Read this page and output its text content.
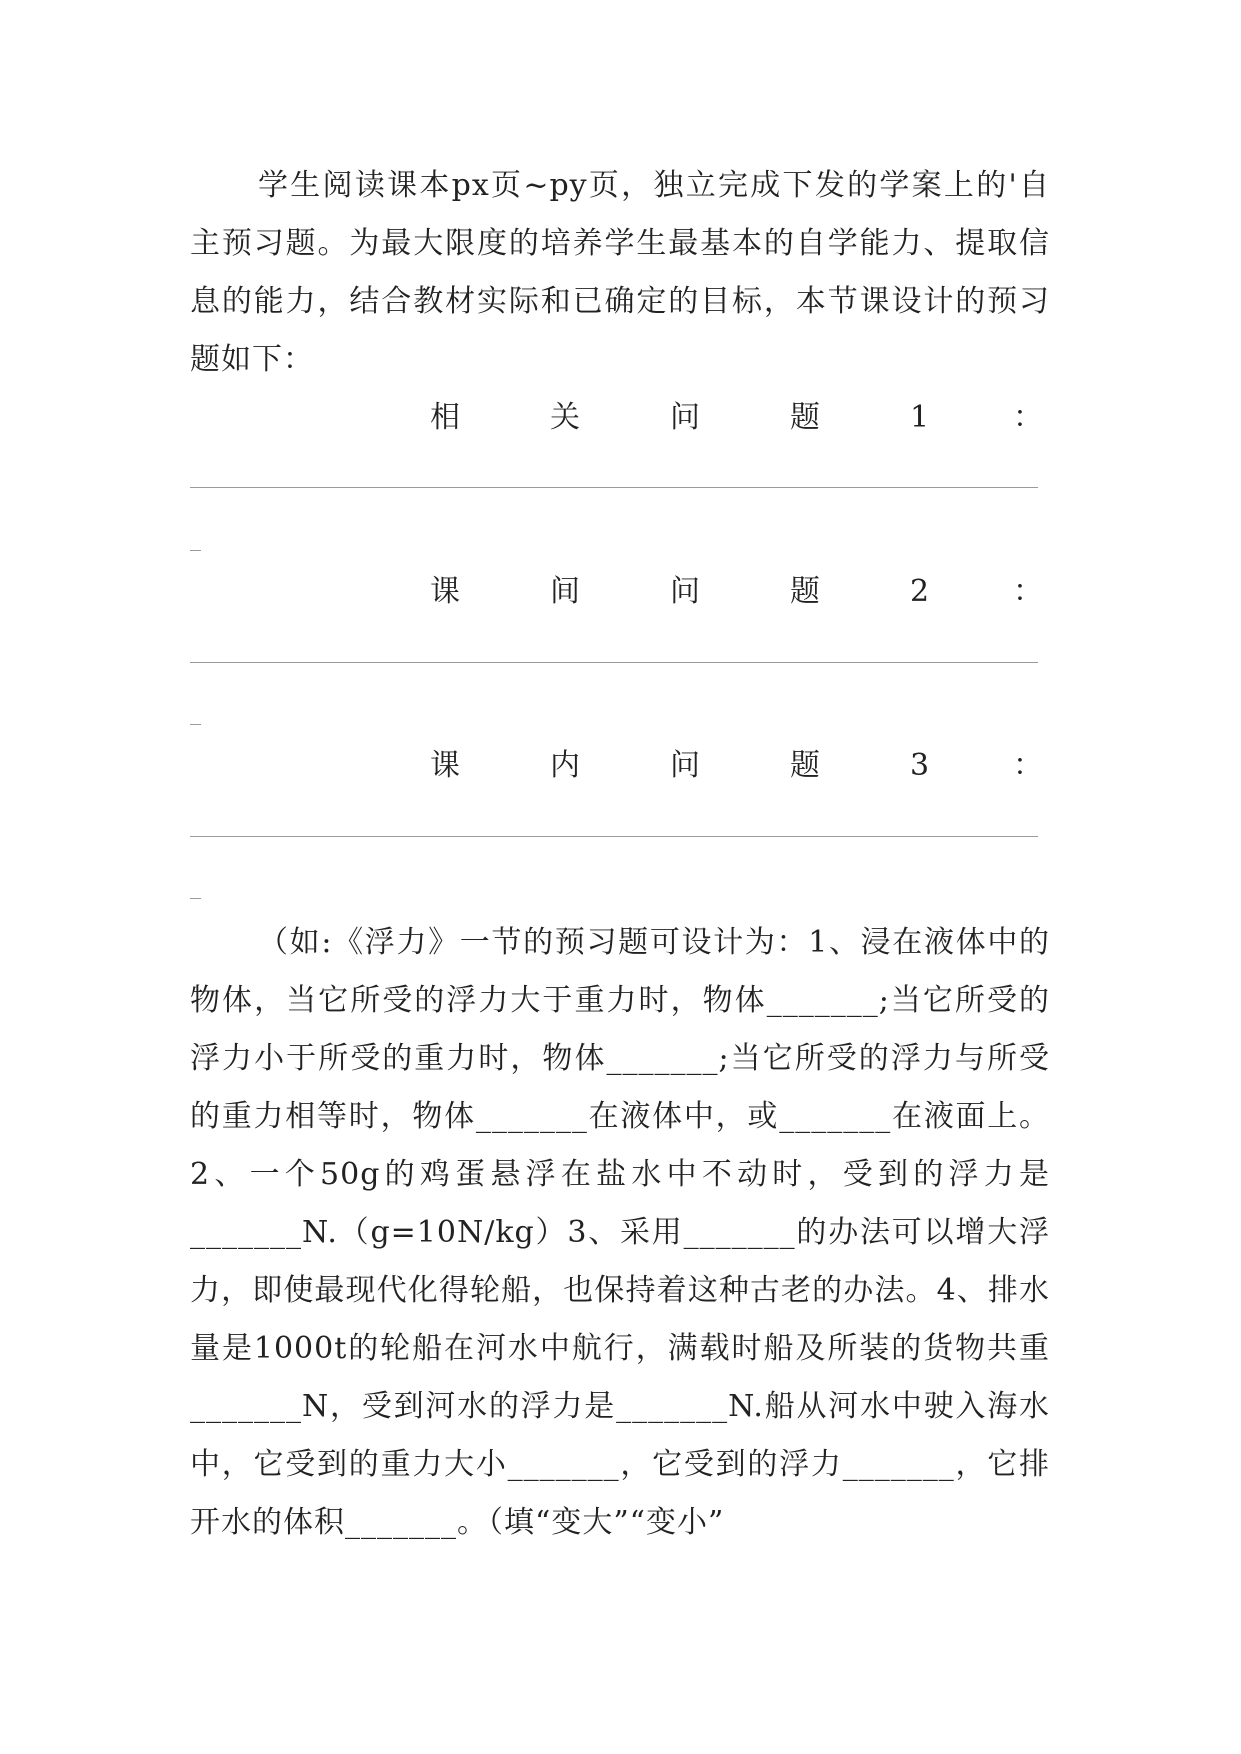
学生阅读课本px页~py页，独立完成下发的学案上的'自主预习题。为最大限度的培养学生最基本的自学能力、提取信息的能力，结合教材实际和已确定的目标，本节课设计的预习题如下：

相	关	问	题	1	：
课	间	问	题	2	：
课	内	问	题	3	：

（如:《浮力》一节的预习题可设计为：1、浸在液体中的物体，当它所受的浮力大于重力时，物体_______;当它所受的浮力小于所受的重力时，物体_______;当它所受的浮力与所受的重力相等时，物体_______在液体中，或_______在液面上。2、一个50g的鸡蛋悬浮在盐水中不动时，受到的浮力是_______N.（g=10N/kg）3、采用_______的办法可以增大浮力，即使最现代化得轮船，也保持着这种古老的办法。4、排水量是1000t的轮船在河水中航行，满载时船及所装的货物共重_______N，受到河水的浮力是_______N.船从河水中驶入海水中，它受到的重力大小_______，它受到的浮力_______，它排开水的体积_______。（填“变大”“变小”
